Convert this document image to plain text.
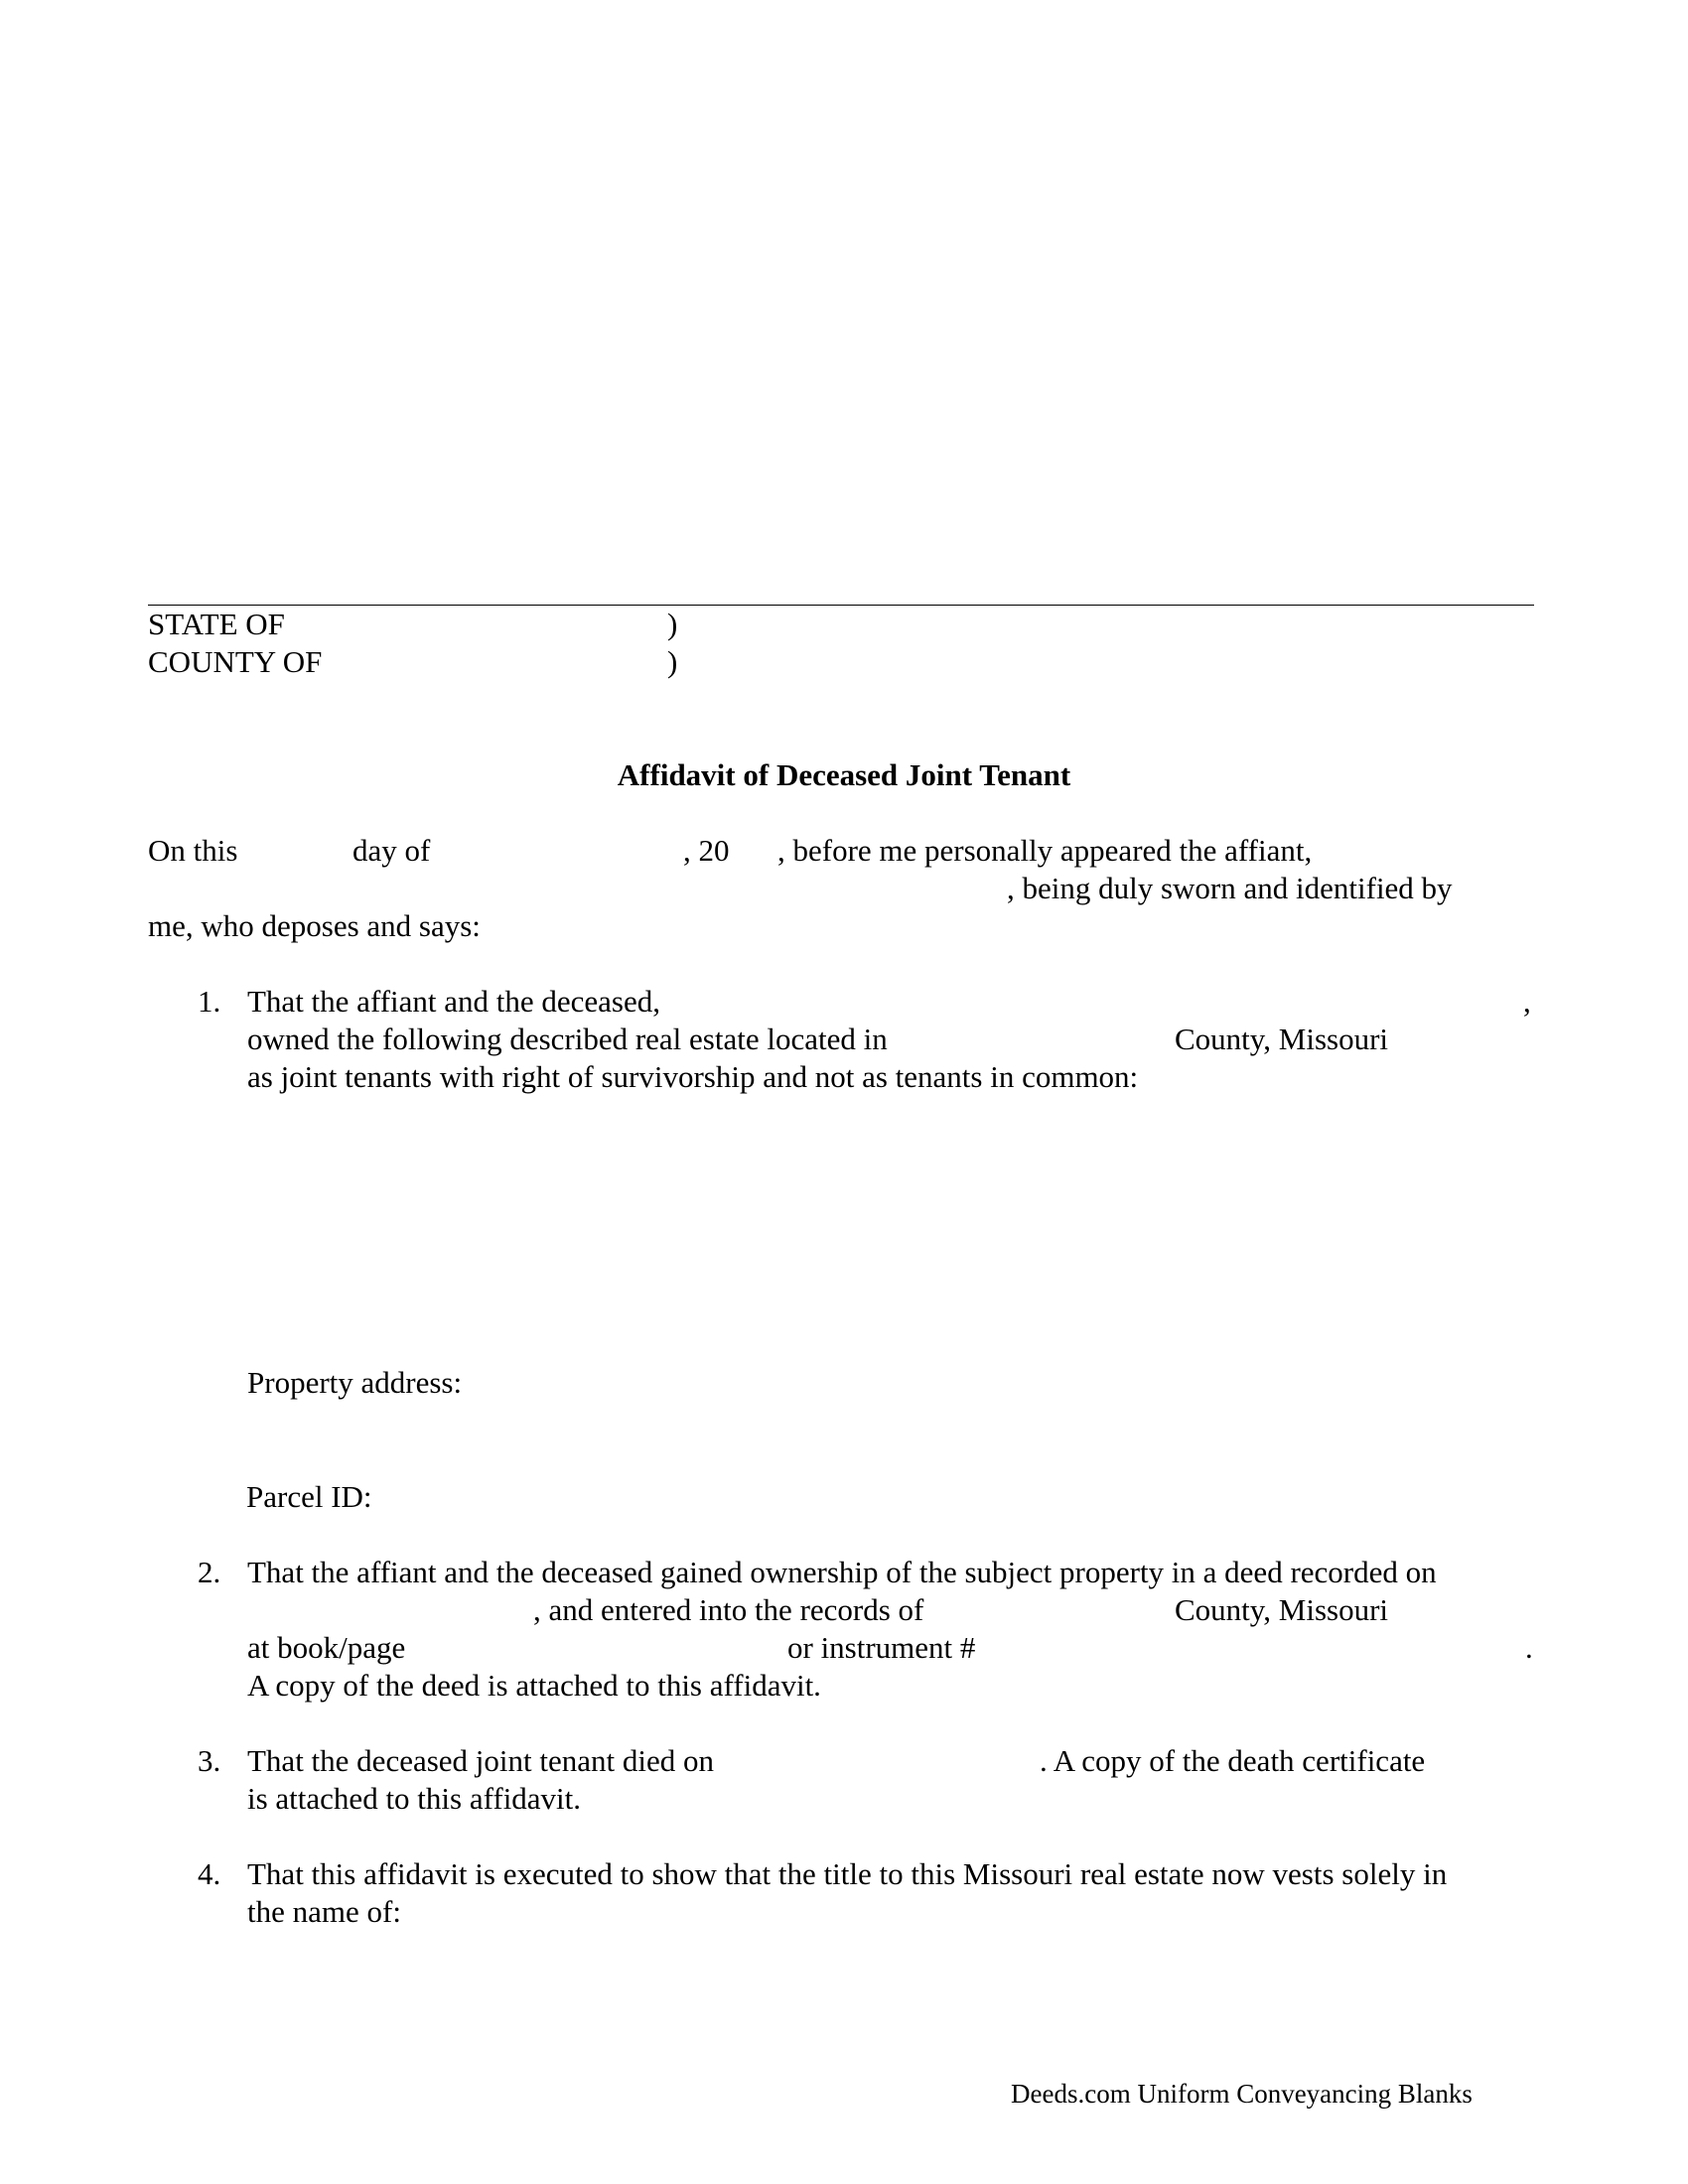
STATE OF	)
COUNTY OF	)
Affidavit of Deceased Joint Tenant
On this	day of	, 20 , before me personally appeared the affiant,
, being duly sworn and identified by
me, who deposes and says:
1. That the affiant and the deceased,	,
owned the following described real estate located in	County, Missouri
as joint tenants with right of survivorship and not as tenants in common:
Property address:
Parcel ID:
2. That the affiant and the deceased gained ownership of the subject property in a deed recorded on
, and entered into the records of	County, Missouri
at book/page	or instrument #	.
A copy of the deed is attached to this affidavit.
3. That the deceased joint tenant died on	. A copy of the death certificate
is attached to this affidavit.
4. That this affidavit is executed to show that the title to this Missouri real estate now vests solely in
the name of:
Deeds.com Uniform Conveyancing Blanks
